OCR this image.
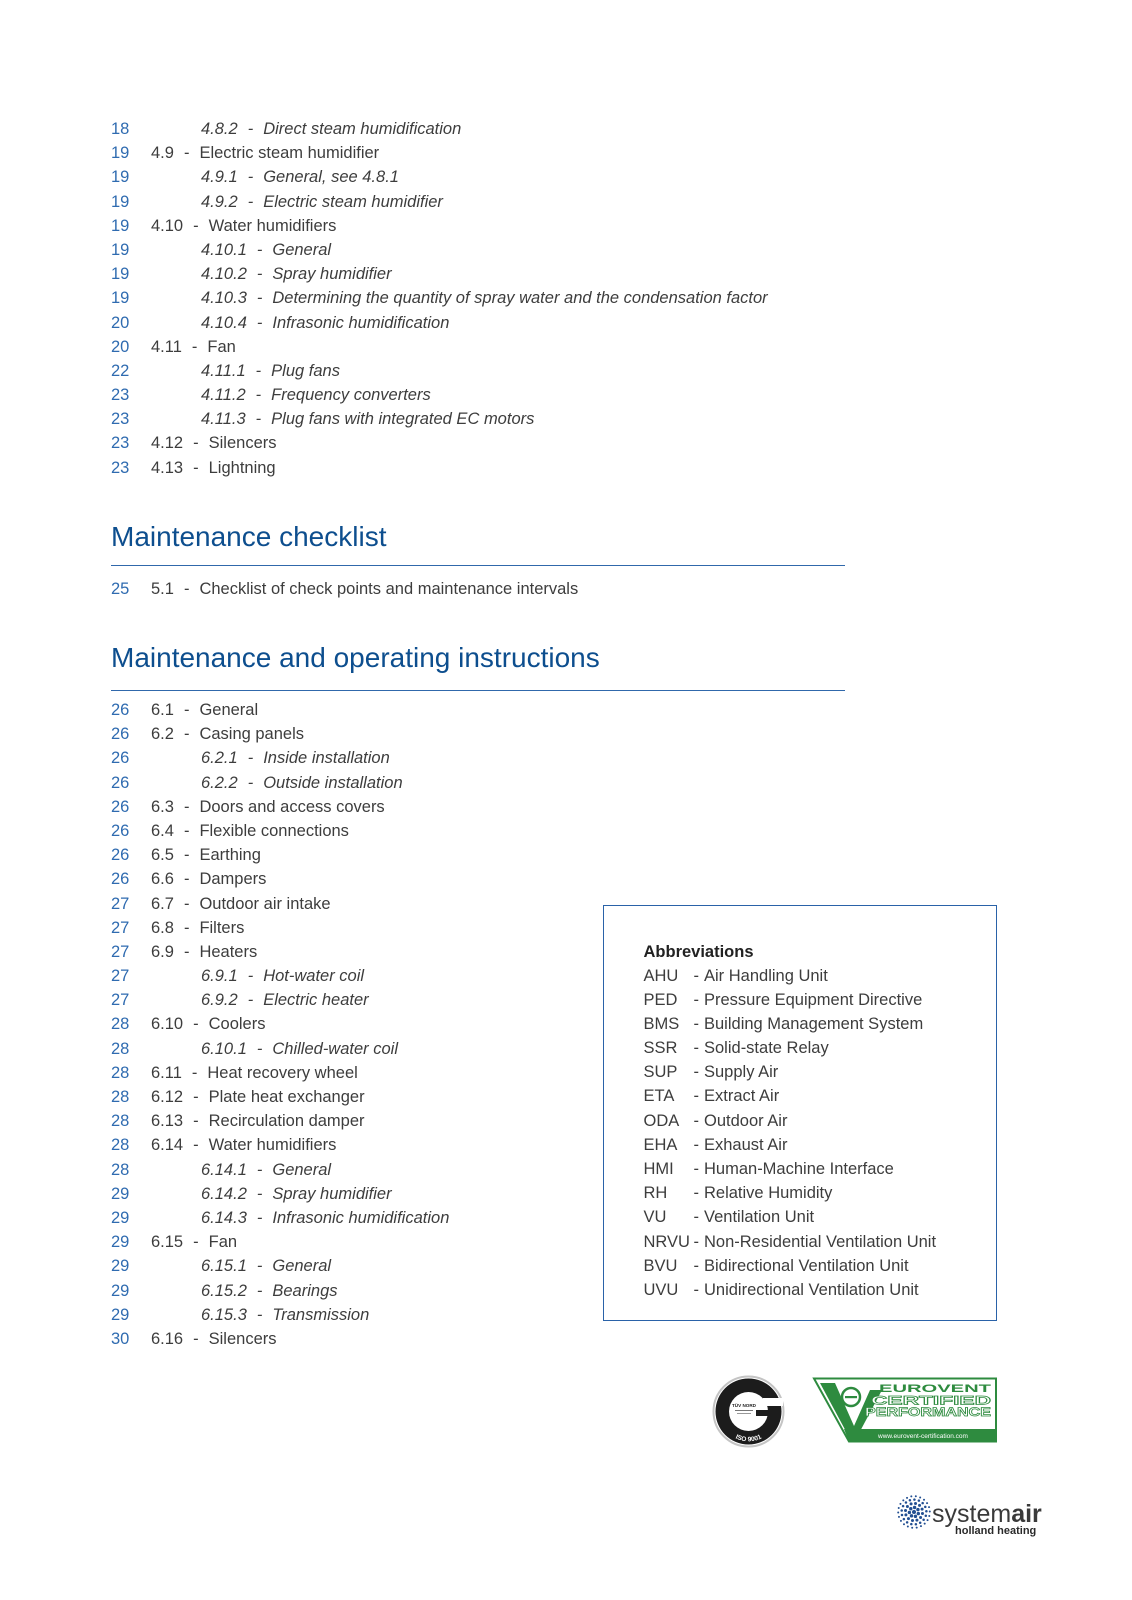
18	4.8.2 - Direct steam humidification
19 4.9 - Electric steam humidifier
19	4.9.1 - General, see 4.8.1
19	4.9.2 - Electric steam humidifier
19 4.10 - Water humidifiers
19	4.10.1 - General
19	4.10.2 - Spray humidifier
19	4.10.3 - Determining the quantity of spray water and the condensation factor
20	4.10.4 - Infrasonic humidification
20 4.11 - Fan
22	4.11.1 - Plug fans
23	4.11.2 - Frequency converters
23	4.11.3 - Plug fans with integrated EC motors
23 4.12 - Silencers
23 4.13 - Lightning
Maintenance checklist
25 5.1 - Checklist of check points and maintenance intervals
Maintenance and operating instructions
26 6.1 - General
26 6.2 - Casing panels
26	6.2.1 - Inside installation
26	6.2.2 - Outside installation
26 6.3 - Doors and access covers
26 6.4 - Flexible connections
26 6.5 - Earthing
26 6.6 - Dampers
27 6.7 - Outdoor air intake
27 6.8 - Filters
27 6.9 - Heaters
27	6.9.1 - Hot-water coil
27	6.9.2 - Electric heater
28 6.10 - Coolers
28	6.10.1 - Chilled-water coil
28 6.11 - Heat recovery wheel
28 6.12 - Plate heat exchanger
28 6.13 - Recirculation damper
28 6.14 - Water humidifiers
28	6.14.1 - General
29	6.14.2 - Spray humidifier
29	6.14.3 - Infrasonic humidification
29 6.15 - Fan
29	6.15.1 - General
29	6.15.2 - Bearings
29	6.15.3 - Transmission
30 6.16 - Silencers
Abbreviations
AHU - Air Handling Unit
PED - Pressure Equipment Directive
BMS - Building Management System
SSR - Solid-state Relay
SUP - Supply Air
ETA - Extract Air
ODA - Outdoor Air
EHA - Exhaust Air
HMI - Human-Machine Interface
RH - Relative Humidity
VU - Ventilation Unit
NRVU - Non-Residential Ventilation Unit
BVU - Bidirectional Ventilation Unit
UVU - Unidirectional Ventilation Unit
TÜV NORD
ISO 9001
EUROVENT
CERTIFIED
PERFORMANCE
www.eurovent-certification.com
systemair
holland heating
